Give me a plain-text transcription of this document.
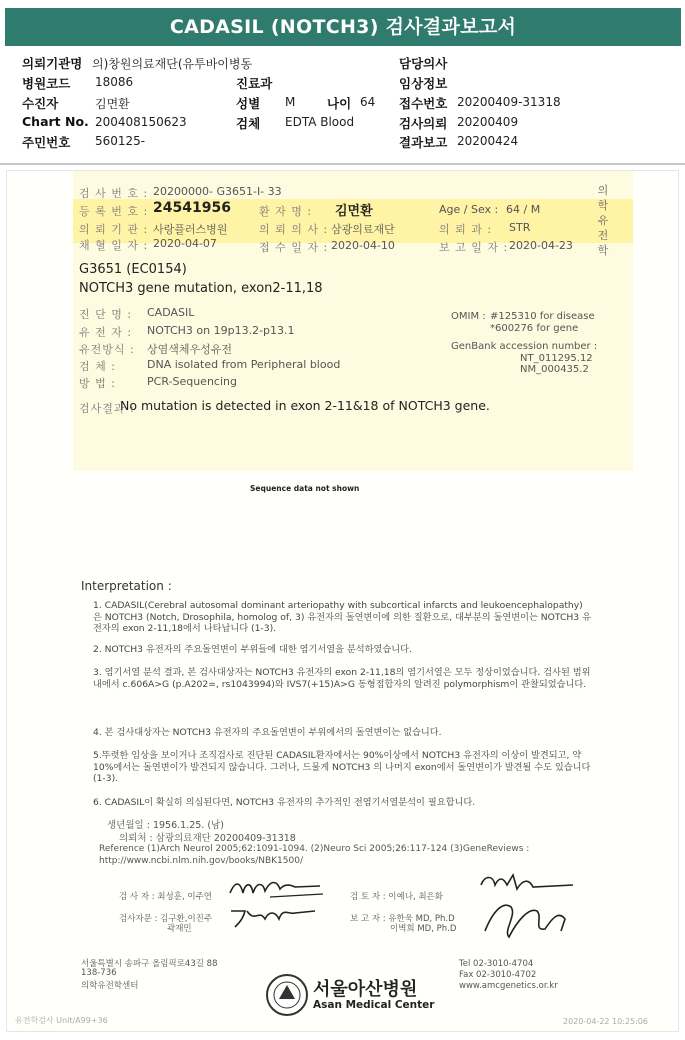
CADASIL (NOTCH3) 검사결과보고서
의뢰기관명 의)창원의료재단(유투바이병동	담당의사
병원코드 18086	진료과	임상정보
수진자	김면환	성별 M	나이 64 접수번호 20200409-31318
Chart No. 200408150623	검체 EDTA Blood	검사의뢰 20200409
주민번호 560125-	결과보고 20200424
검 사 번 호 : 20200000- G3651-I- 33
등 록 번 호 : 24541956	환 자 명 : 김면환	Age / Sex : 64 / M
의 뢰 기 관 : 사랑플러스병원	의 뢰 의 사 : 삼광의료재단	의 뢰 과 : STR
채 혈 일 자 : 2020-04-07	접 수 일 자 : 2020-04-10	보 고 일 자 : 2020-04-23
의
학
유
전
학
G3651 (EC0154)
NOTCH3 gene mutation, exon2-11,18
진 단 명 : CADASIL
유 전 자 : NOTCH3 on 19p13.2-p13.1
유전방식 : 상염색체우성유전
검 체 :	DNA isolated from Peripheral blood
방 법 :	PCR-Sequencing
OMIM : #125310 for disease
*600276 for gene
GenBank accession number :
NT_011295.12
NM_000435.2
검사결과 :
No mutation is detected in exon 2-11&18 of NOTCH3 gene.
Sequence data not shown
Interpretation :
1. CADASIL(Cerebral autosomal dominant arteriopathy with subcortical infarcts and leukoencephalopathy)은 NOTCH3 (Notch, Drosophila, homolog of, 3) 유전자의 돌연변이에 의한 질환으로, 대부분의 돌연변이는 NOTCH3 유전자의 exon 2-11,18에서 나타납니다 (1-3).
2. NOTCH3 유전자의 주요돌연변이 부위들에 대한 염기서열을 분석하였습니다.
3. 염기서열 분석 결과, 본 검사대상자는 NOTCH3 유전자의 exon 2-11,18의 염기서열은 모두 정상이었습니다. 검사된 범위내에서 c.606A>G (p.A202=, rs1043994)와 IVS7(+15)A>G 동형접합자의 알려진 polymorphism이 관찰되었습니다.
4. 본 검사대상자는 NOTCH3 유전자의 주요돌연변이 부위에서의 돌연변이는 없습니다.
5.뚜렷한 임상을 보이거나 조직검사로 진단된 CADASIL환자에서는 90%이상에서 NOTCH3 유전자의 이상이 발견되고, 약 10%에서는 돌연변이가 발견되지 않습니다. 그러나, 드물게 NOTCH3 의 나머지 exon에서 돌연변이가 발견될 수도 있습니다 (1-3).
6. CADASIL이 확실히 의심된다면, NOTCH3 유전자의 추가적인 전염기서열분석이 필요합니다.
생년월일 : 1956.1.25. (남)
의뢰처 : 삼광의료재단 20200409-31318
Reference (1)Arch Neurol 2005;62:1091-1094. (2)Neuro Sci 2005;26:117-124 (3)GeneReviews :
http://www.ncbi.nlm.nih.gov/books/NBK1500/
검 사 자 : 최성훈, 이주연
검사자문 : 김구환,이진주
곽재민
검 토 자 : 이예나, 최은화
보 고 자 : 유한욱 MD, Ph.D
이벽희 MD, Ph.D
서울특별시 송파구 올림픽로43길 88
138-736
의학유전학센터	서울아산병원
Asan Medical Center
Tel 02-3010-4704
Fax 02-3010-4702
www.amcgenetics.or.kr
유전학검사 Unit/A99+36	2020-04-22 10:25:06
